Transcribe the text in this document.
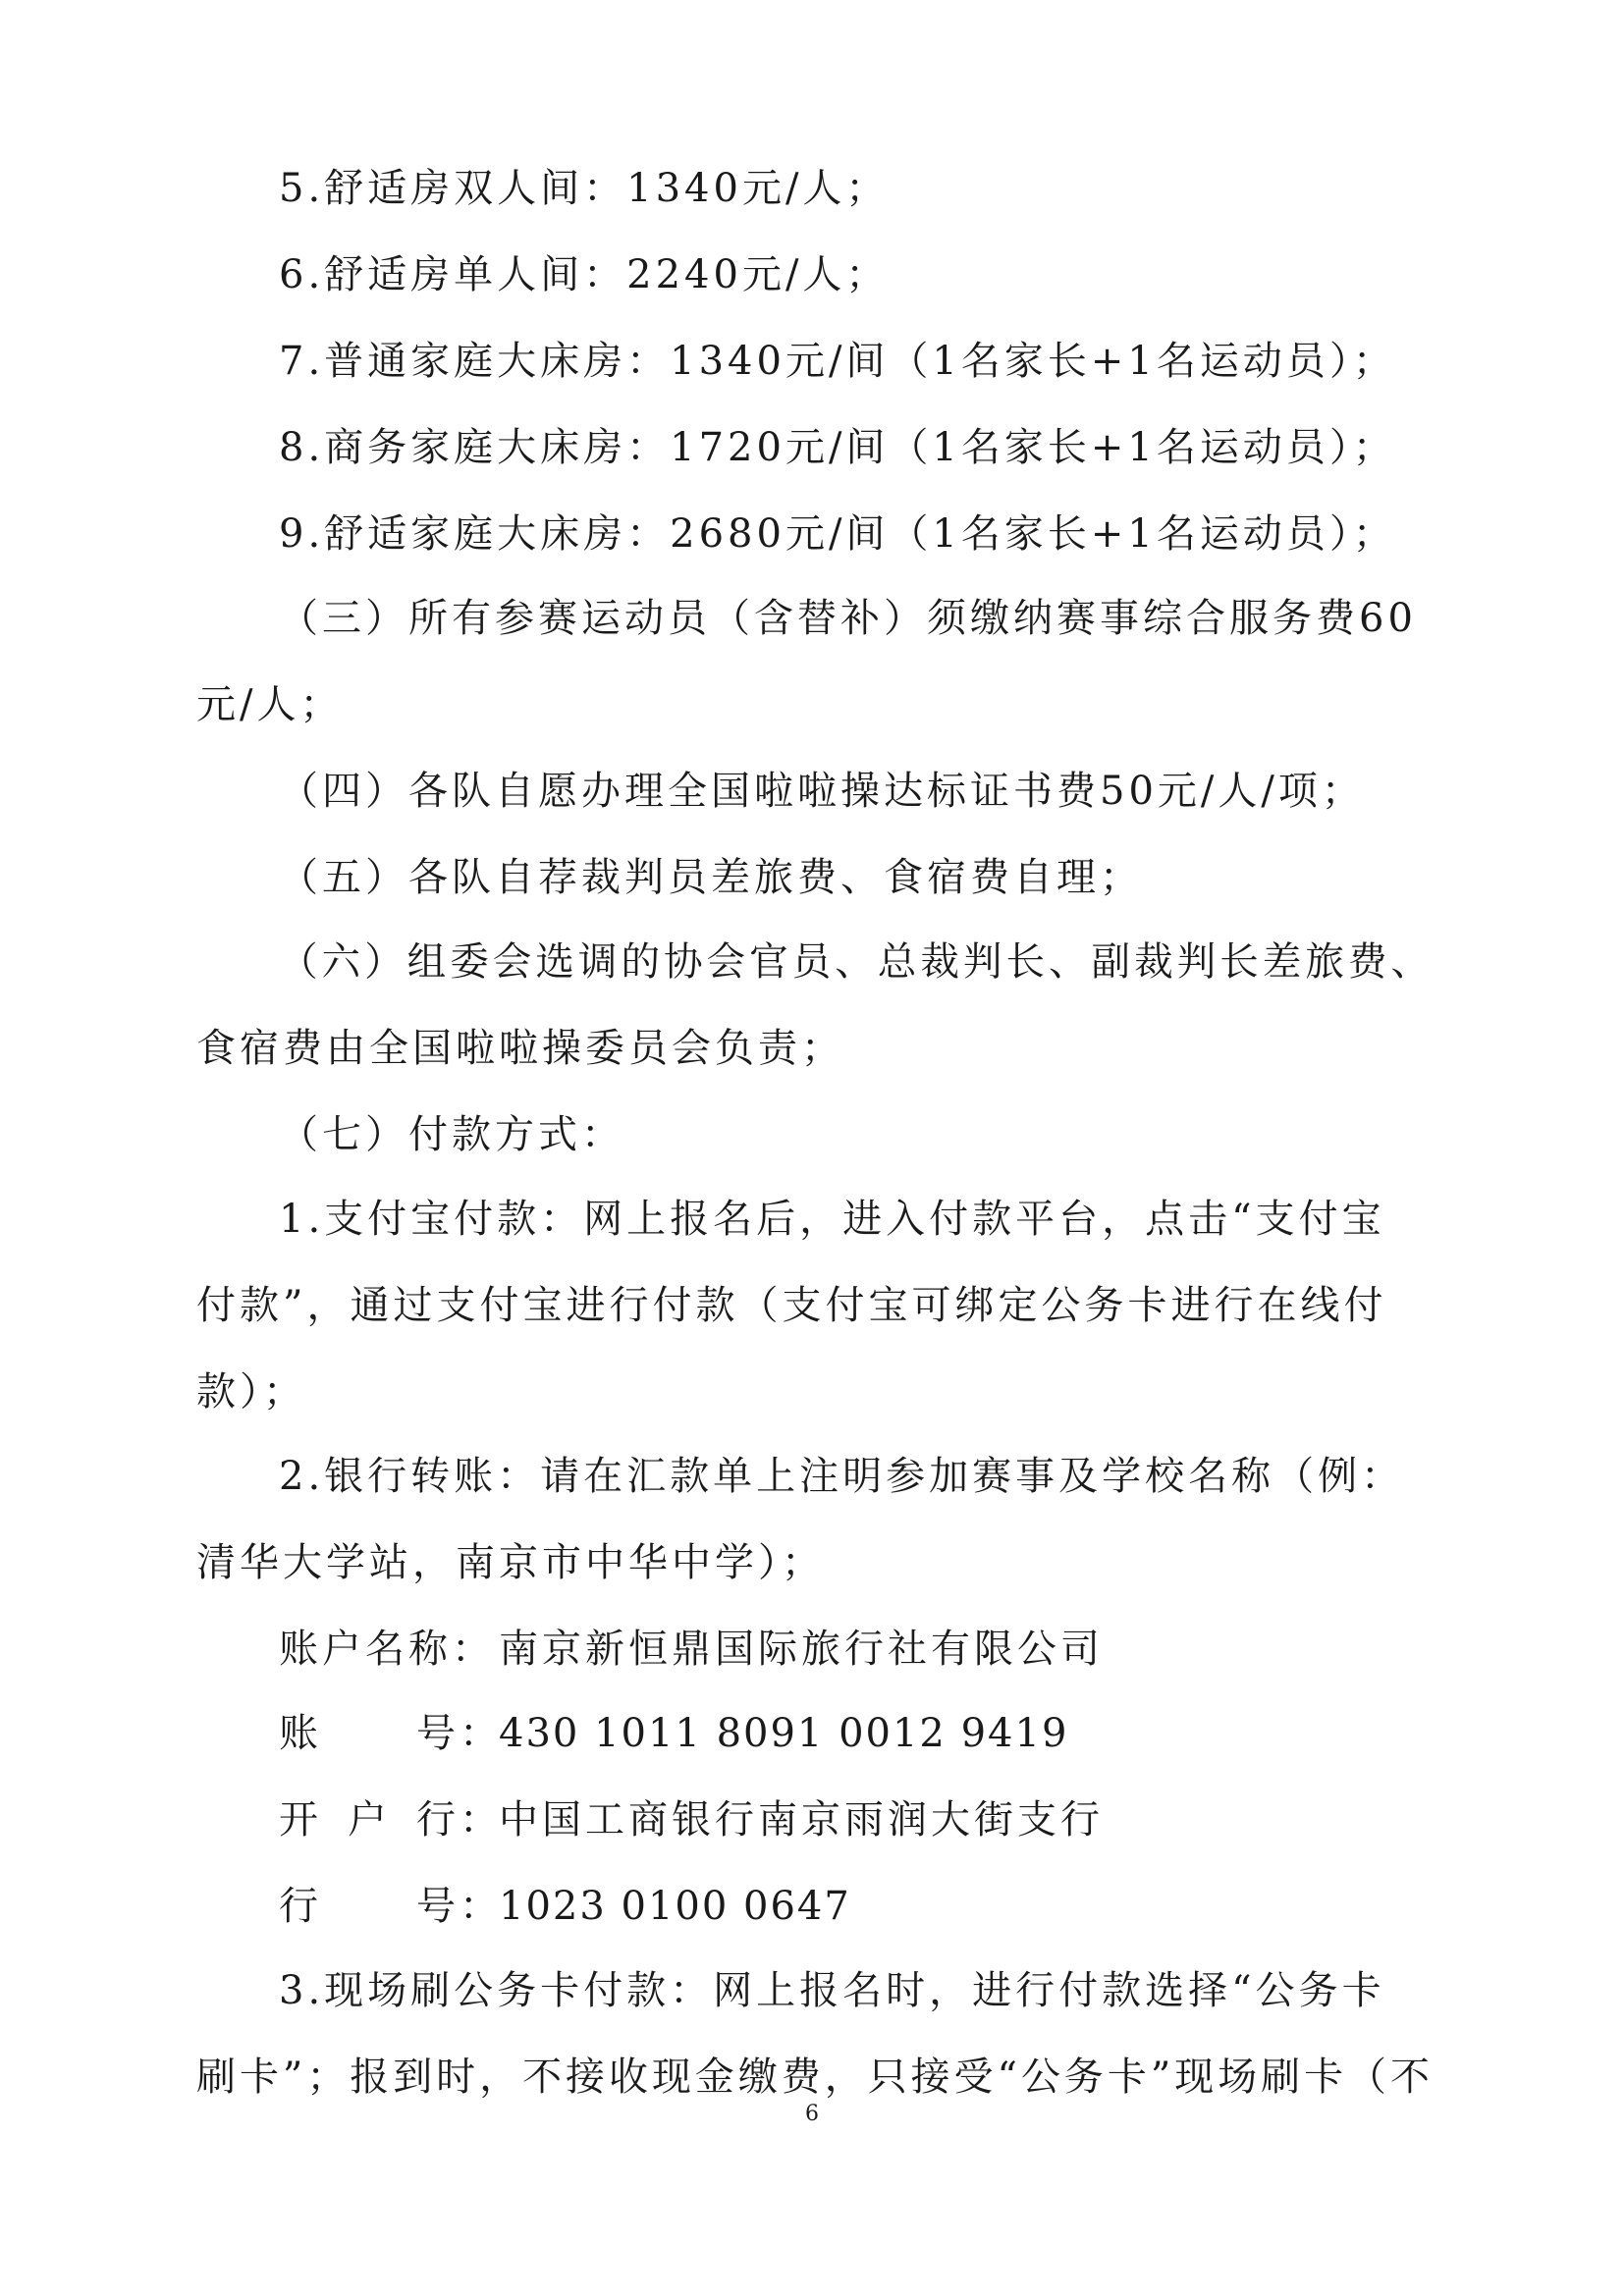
5.舒适房双人间：1340元/人；
6.舒适房单人间：2240元/人；
7.普通家庭大床房：1340元/间（1名家长+1名运动员）；
8.商务家庭大床房：1720元/间（1名家长+1名运动员）；
9.舒适家庭大床房：2680元/间（1名家长+1名运动员）；
（三）所有参赛运动员（含替补）须缴纳赛事综合服务费60
元/人；
（四）各队自愿办理全国啦啦操达标证书费50元/人/项；
（五）各队自荐裁判员差旅费、食宿费自理；
（六）组委会选调的协会官员、总裁判长、副裁判长差旅费、
食宿费由全国啦啦操委员会负责；
（七）付款方式：
1.支付宝付款：网上报名后，进入付款平台，点击“支付宝
付款”，通过支付宝进行付款（支付宝可绑定公务卡进行在线付
款）；
2.银行转账：请在汇款单上注明参加赛事及学校名称（例：
清华大学站，南京市中华中学）；
账户名称： 南京新恒鼎国际旅行社有限公司
账	号：
430 1011 8091 0012 9419
开 户 行：
中国工商银行南京雨润大街支行
行	号：
1023 0100 0647
3.现场刷公务卡付款：网上报名时，进行付款选择“公务卡
刷卡”；报到时，不接收现金缴费，只接受“公务卡”现场刷卡（不
6
